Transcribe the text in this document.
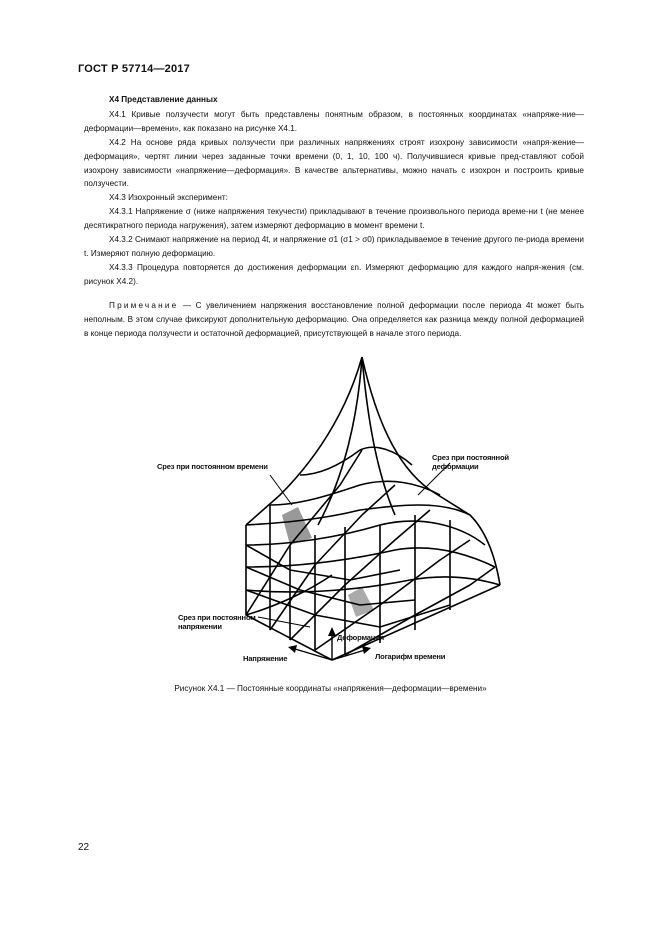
ГОСТ Р 57714—2017
Х4 Представление данных

Х4.1 Кривые ползучести могут быть представлены понятным образом, в постоянных координатах «напряже-ние—деформации—времени», как показано на рисунке Х4.1.

Х4.2 На основе ряда кривых ползучести при различных напряжениях строят изохрону зависимости «напря-жение—деформация», чертят линии через заданные точки времени (0, 1, 10, 100 ч). Получившиеся кривые пред-ставляют собой изохрону зависимости «напряжение—деформация». В качестве альтернативы, можно начать с изохрон и построить кривые ползучести.

Х4.3 Изохронный эксперимент:

Х4.3.1 Напряжение σ (ниже напряжения текучести) прикладывают в течение произвольного периода време-ни t (не менее десятикратного периода нагружения), затем измеряют деформацию в момент времени t.

Х4.3.2 Снимают напряжение на период 4t, и напряжение σ1 (σ1 > σ0) прикладываемое в течение другого пе-риода времени t. Измеряют полную деформацию.

Х4.3.3 Процедура повторяется до достижения деформации εn. Измеряют деформацию для каждого напря-жения (см. рисунок Х4.2).

Примечание — С увеличением напряжения восстановление полной деформации после периода 4t может быть неполным. В этом случае фиксируют дополнительную деформацию. Она определяется как разница между полной деформацией в конце периода ползучести и остаточной деформацией, присутствующей в начале этого периода.

Срез при постоянном времени
Срез при постоянной деформации
Срез при постоянном напряжении
Деформация
Напряжение	Логарифм времени
Рисунок Х4.1 — Постоянные координаты «напряжения—деформации—времени»
22
